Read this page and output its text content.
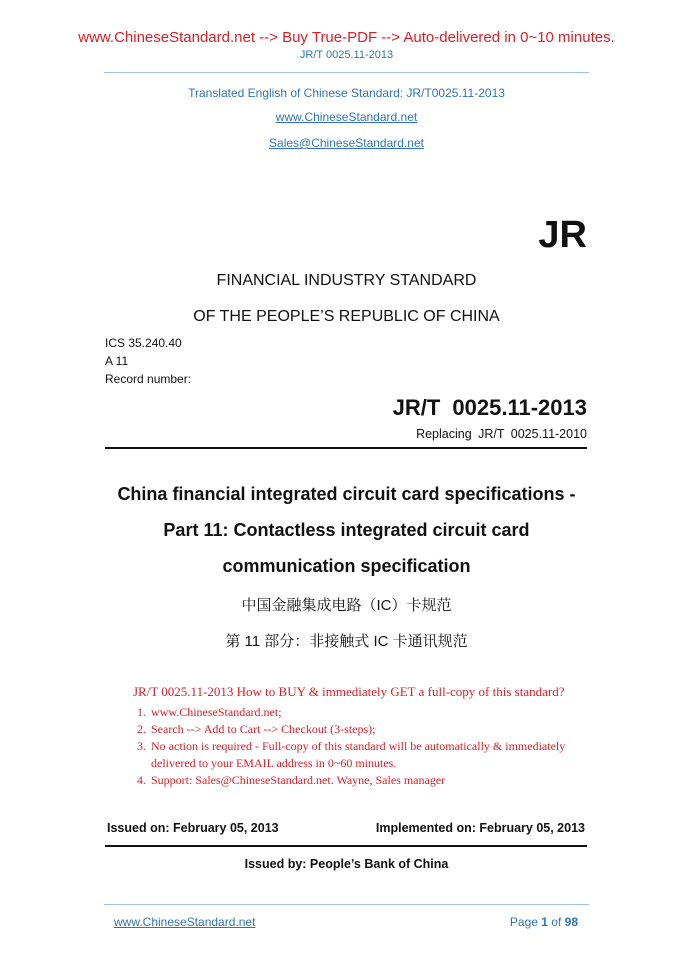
www.ChineseStandard.net --> Buy True-PDF --> Auto-delivered in 0~10 minutes.
JR/T 0025.11-2013
Translated English of Chinese Standard: JR/T0025.11-2013
www.ChineseStandard.net
Sales@ChineseStandard.net
JR
FINANCIAL INDUSTRY STANDARD
OF THE PEOPLE’S REPUBLIC OF CHINA
ICS 35.240.40
A 11
Record number:
JR/T 0025.11-2013
Replacing JR/T 0025.11-2010
China financial integrated circuit card specifications -
Part 11: Contactless integrated circuit card
communication specification
中国金融集成电路（IC）卡规范
第 11 部分：非接触式 IC 卡通讯规范
JR/T 0025.11-2013 How to BUY & immediately GET a full-copy of this standard?
1. www.ChineseStandard.net;
2. Search --> Add to Cart --> Checkout (3-steps);
3. No action is required - Full-copy of this standard will be automatically & immediately delivered to your EMAIL address in 0~60 minutes.
4. Support: Sales@ChineseStandard.net. Wayne, Sales manager
Issued on: February 05, 2013	Implemented on: February 05, 2013
Issued by: People’s Bank of China
www.ChineseStandard.net	Page 1 of 98
